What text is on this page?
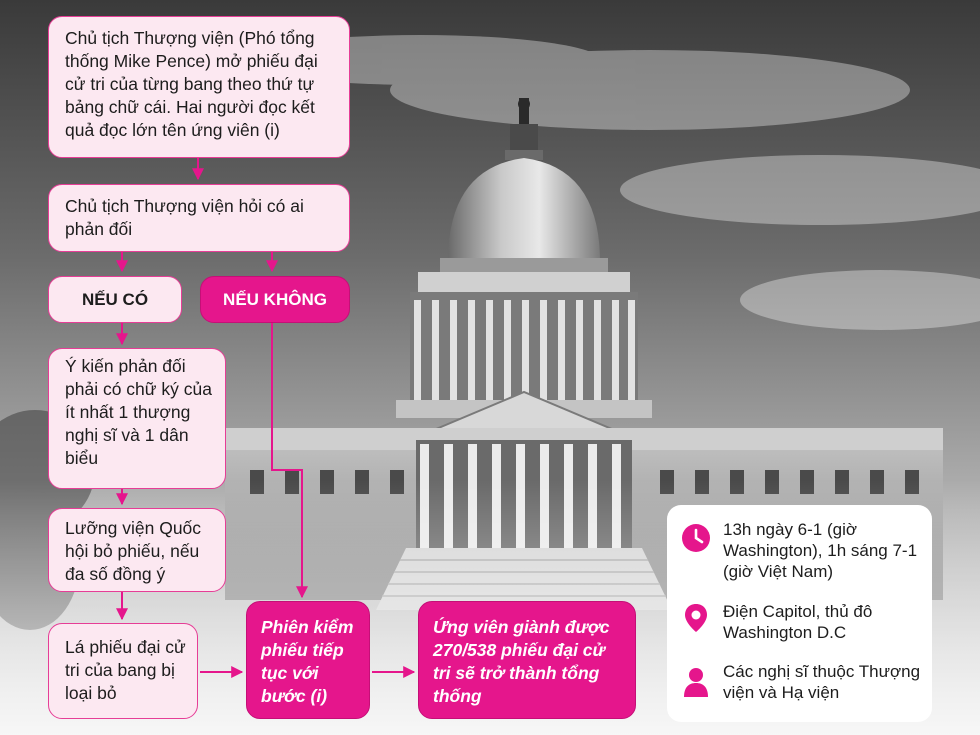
Chủ tịch Thượng viện (Phó tổng thống Mike Pence) mở phiếu đại cử tri của từng bang theo thứ tự bảng chữ cái. Hai người đọc kết quả đọc lớn tên ứng viên (i)
Chủ tịch Thượng viện hỏi có ai phản đối
NẾU CÓ	NẾU KHÔNG
Ý kiến phản đối phải có chữ ký của ít nhất 1 thượng nghị sĩ và 1 dân biểu
Lưỡng viện Quốc hội bỏ phiếu, nếu đa số đồng ý
Lá phiếu đại cử tri của bang bị loại bỏ
Phiên kiểm phiếu tiếp tục với bước (i)
Ứng viên giành được 270/538 phiếu đại cử tri sẽ trở thành tổng thống
13h ngày 6-1 (giờ Washington), 1h sáng 7-1 (giờ Việt Nam)
Điện Capitol, thủ đô Washington D.C
Các nghị sĩ thuộc Thượng viện và Hạ viện
